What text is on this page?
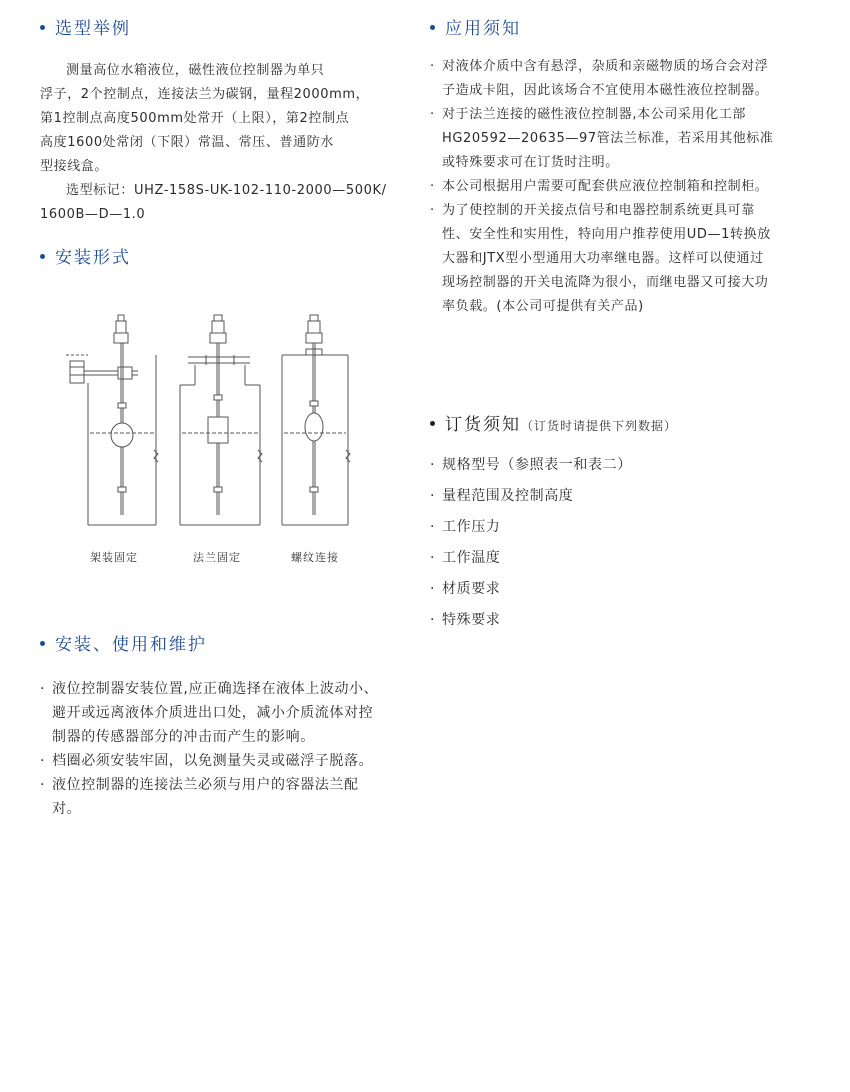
选型举例
测量高位水箱液位，磁性液位控制器为单只
浮子，2个控制点，连接法兰为碳钢，量程2000mm，
第1控制点高度500mm处常开（上限），第2控制点
高度1600处常闭（下限）常温、常压、普通防水
型接线盒。
选型标记：UHZ-158S-UK-102-110-2000—500K/
1600B—D—1.0
安装形式
架装固定	法兰固定	螺纹连接
安装、使用和维护
· 液位控制器安装位置,应正确选择在液体上波动小、避开或远离液体介质进出口处，减小介质流体对控制器的传感器部分的冲击而产生的影响。
· 档圈必须安装牢固，以免测量失灵或磁浮子脱落。
· 液位控制器的连接法兰必须与用户的容器法兰配对。
应用须知
· 对液体介质中含有悬浮，杂质和亲磁物质的场合会对浮子造成卡阻，因此该场合不宜使用本磁性液位控制器。
· 对于法兰连接的磁性液位控制器,本公司采用化工部HG20592—20635—97管法兰标准，若采用其他标准或特殊要求可在订货时注明。
· 本公司根据用户需要可配套供应液位控制箱和控制柜。
· 为了使控制的开关接点信号和电器控制系统更具可靠性、安全性和实用性，特向用户推荐使用UD—1转换放大器和JTX型小型通用大功率继电器。这样可以使通过现场控制器的开关电流降为很小，而继电器又可接大功率负载。(本公司可提供有关产品)
订货须知（订货时请提供下列数据）
· 规格型号（参照表一和表二）
· 量程范围及控制高度
· 工作压力
· 工作温度
· 材质要求
· 特殊要求
